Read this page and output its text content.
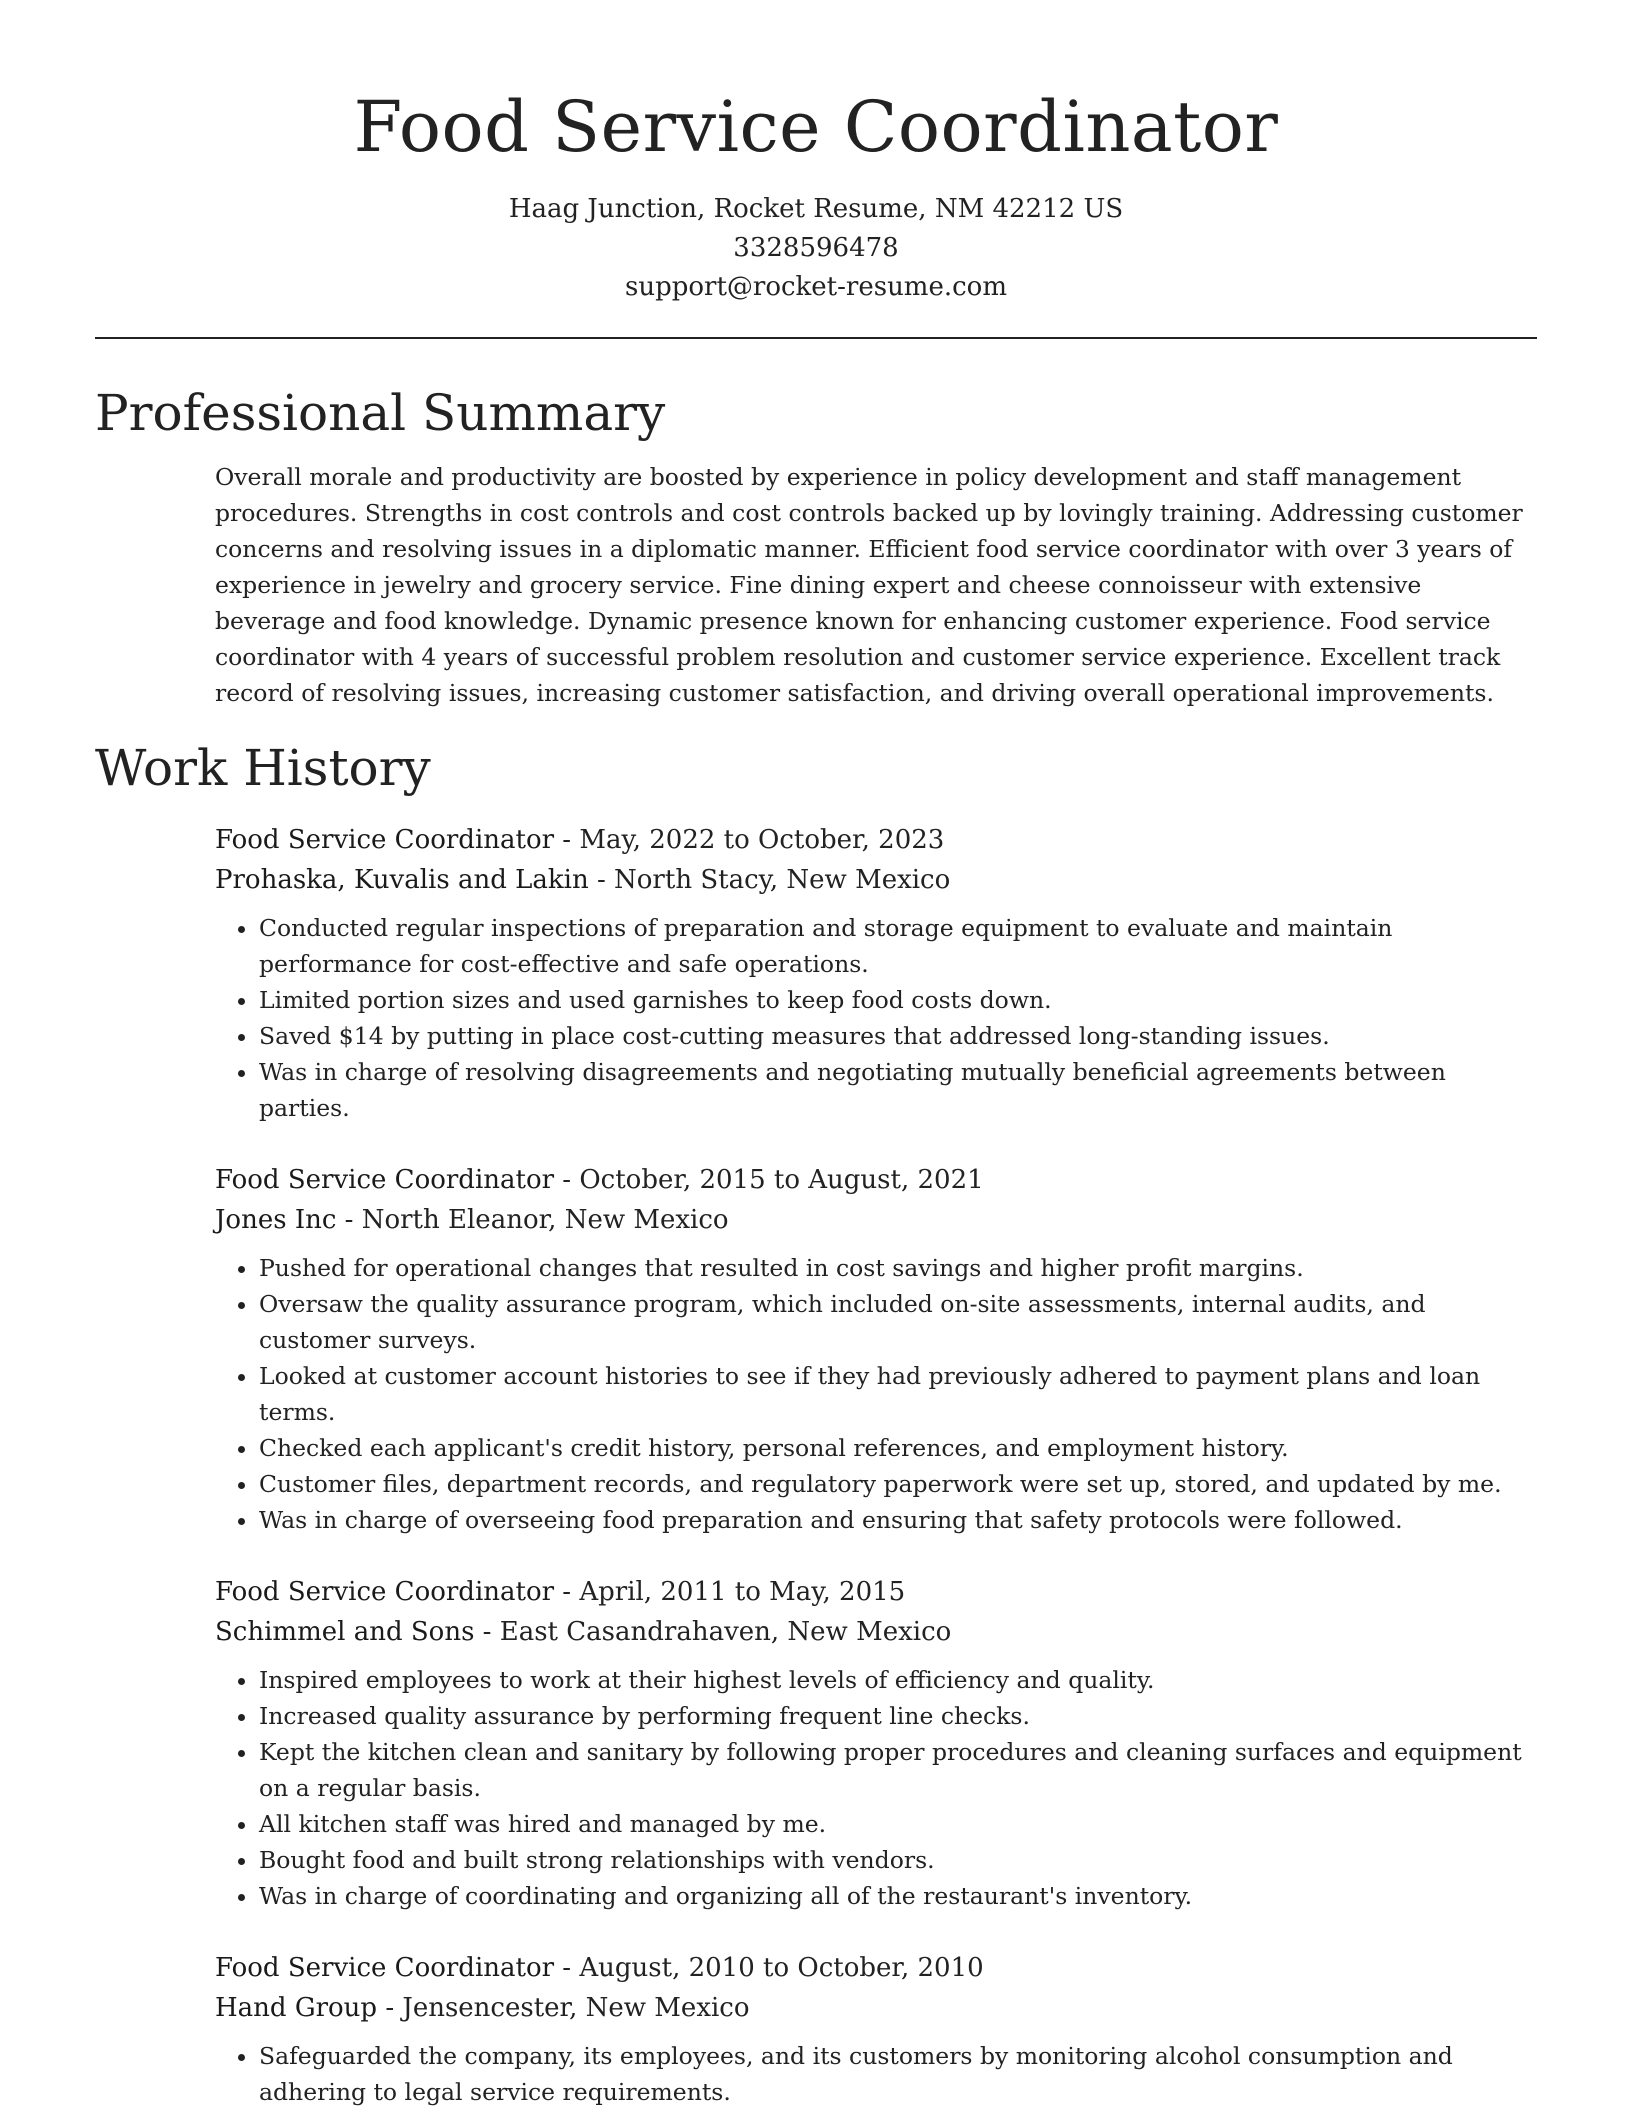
Food Service Coordinator

Haag Junction, Rocket Resume, NM 42212 US

3328596478

support@rocket-resume.com

Professional Summary

Overall morale and productivity are boosted by experience in policy development and staff management procedures. Strengths in cost controls and cost controls backed up by lovingly training. Addressing customer concerns and resolving issues in a diplomatic manner. Efficient food service coordinator with over 3 years of experience in jewelry and grocery service. Fine dining expert and cheese connoisseur with extensive beverage and food knowledge. Dynamic presence known for enhancing customer experience. Food service coordinator with 4 years of successful problem resolution and customer service experience. Excellent track record of resolving issues, increasing customer satisfaction, and driving overall operational improvements.

Work History

Food Service Coordinator - May, 2022 to October, 2023

Prohaska, Kuvalis and Lakin - North Stacy, New Mexico

• Conducted regular inspections of preparation and storage equipment to evaluate and maintain performance for cost-effective and safe operations.
• Limited portion sizes and used garnishes to keep food costs down.
• Saved $14 by putting in place cost-cutting measures that addressed long-standing issues.
• Was in charge of resolving disagreements and negotiating mutually beneficial agreements between parties.

Food Service Coordinator - October, 2015 to August, 2021

Jones Inc - North Eleanor, New Mexico

• Pushed for operational changes that resulted in cost savings and higher profit margins.
• Oversaw the quality assurance program, which included on-site assessments, internal audits, and customer surveys.
• Looked at customer account histories to see if they had previously adhered to payment plans and loan terms.
• Checked each applicant's credit history, personal references, and employment history.
• Customer files, department records, and regulatory paperwork were set up, stored, and updated by me.
• Was in charge of overseeing food preparation and ensuring that safety protocols were followed.

Food Service Coordinator - April, 2011 to May, 2015

Schimmel and Sons - East Casandrahaven, New Mexico

• Inspired employees to work at their highest levels of efficiency and quality.
• Increased quality assurance by performing frequent line checks.
• Kept the kitchen clean and sanitary by following proper procedures and cleaning surfaces and equipment on a regular basis.
• All kitchen staff was hired and managed by me.
• Bought food and built strong relationships with vendors.
• Was in charge of coordinating and organizing all of the restaurant's inventory.

Food Service Coordinator - August, 2010 to October, 2010

Hand Group - Jensencester, New Mexico

• Safeguarded the company, its employees, and its customers by monitoring alcohol consumption and adhering to legal service requirements.
